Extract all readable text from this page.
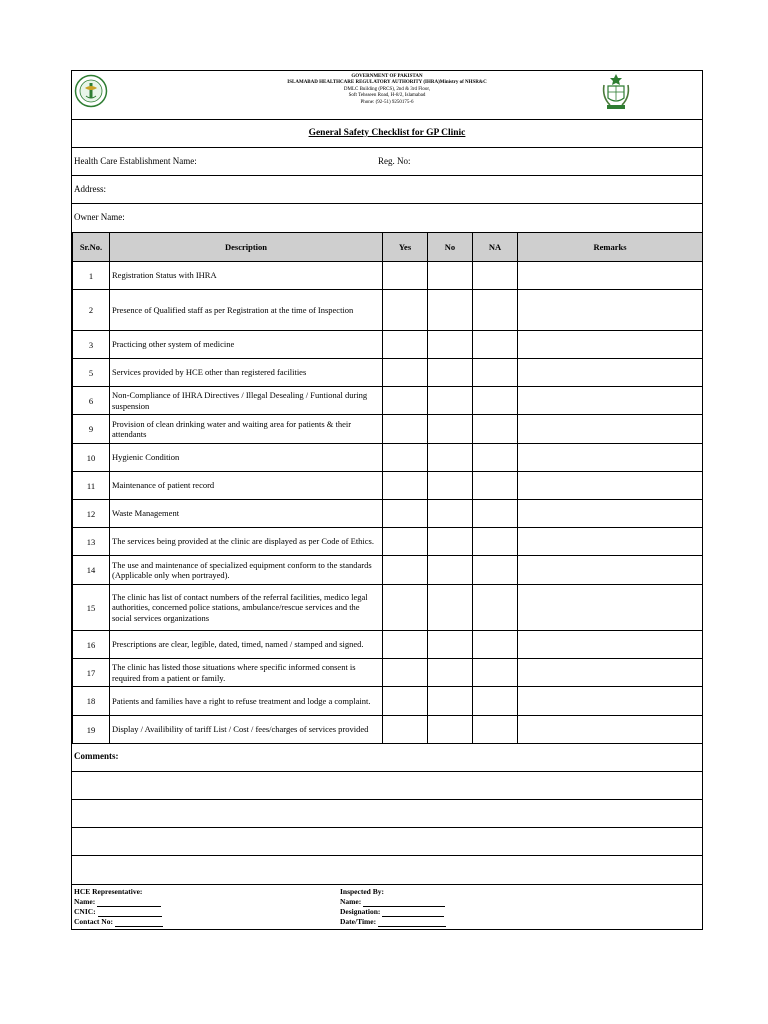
GOVERNMENT OF PAKISTAN
ISLAMABAD HEALTHCARE REGULATORY AUTHORITY (IHRA)Ministry of NHSR&C
DMLC Building (PRCS), 2nd & 3rd Floor,
Soft Tehsseen Road, H-8/2, Islamabad
Phone: (92-51) 9250175-6
General Safety Checklist for GP Clinic
Health Care Establishment Name:	Reg. No:
Address:
Owner Name:
Sr.No.	Description	Yes	No	NA	Remarks
1	Registration Status with IHRA				
2	Presence of Qualified staff as per Registration at the time of Inspection				
3	Practicing other system of medicine				
5	Services provided by HCE other than registered facilities				
6	Non-Compliance of IHRA Directives / Illegal Desealing / Funtional during suspension				
9	Provision of clean drinking water and waiting area for patients & their attendants				
10	Hygienic Condition				
11	Maintenance of patient record				
12	Waste Management				
13	The services being provided at the clinic are displayed as per Code of Ethics.				
14	The use and maintenance of specialized equipment conform to the standards (Applicable only when portrayed).				
15	The clinic has list of contact numbers of the referral facilities, medico legal authorities, concerned police stations, ambulance/rescue services and the social services organizations				
16	Prescriptions are clear, legible, dated, timed, named / stamped and signed.				
17	The clinic has listed those situations where specific informed consent is required from a patient or family.				
18	Patients and families have a right to refuse treatment and lodge a complaint.				
19	Display / Availibility of tariff List / Cost / fees/charges of services provided				
Comments:
HCE Representative:
Name:
CNIC:
Contact No:
Inspected By:
Name:
Designation:
Date/Time:
